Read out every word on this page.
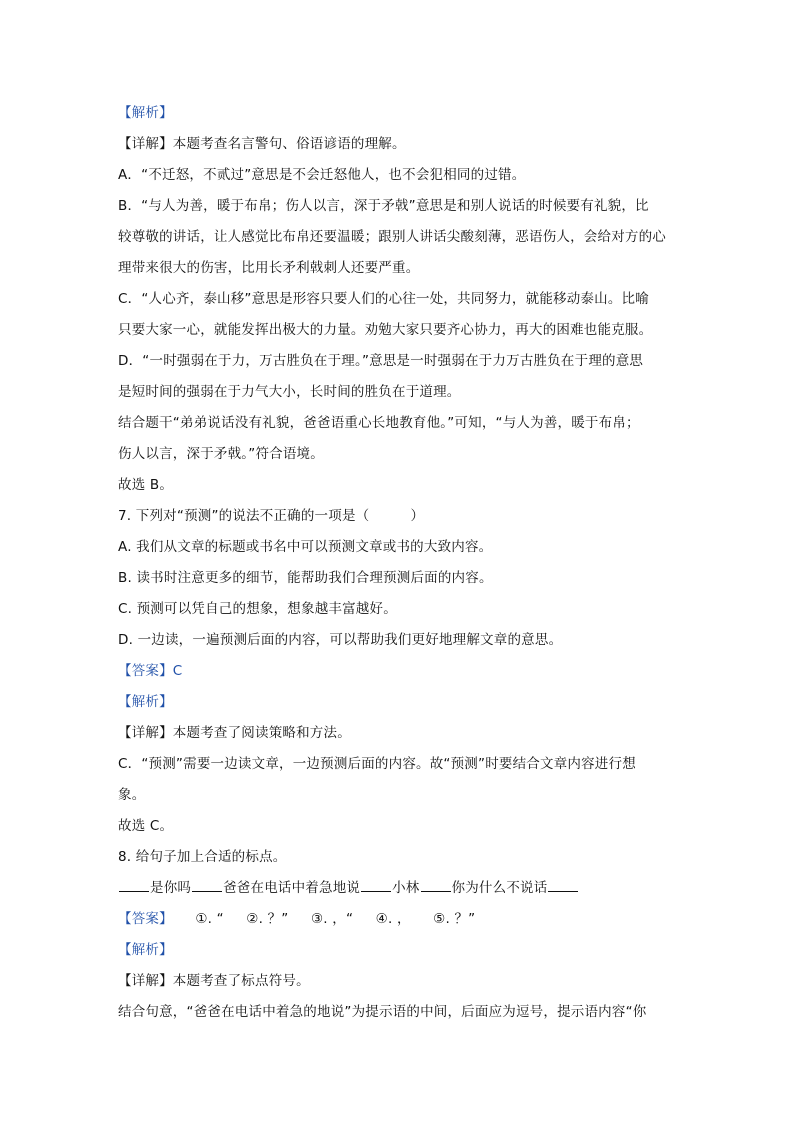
【解析】
【详解】本题考查名言警句、俗语谚语的理解。
A．“不迁怒，不贰过”意思是不会迁怒他人，也不会犯相同的过错。
B．“与人为善，暖于布帛；伤人以言，深于矛戟”意思是和别人说话的时候要有礼貌，比
较尊敬的讲话，让人感觉比布帛还要温暖；跟别人讲话尖酸刻薄，恶语伤人，会给对方的心
理带来很大的伤害，比用长矛利戟刺人还要严重。
C．“人心齐，泰山移”意思是形容只要人们的心往一处，共同努力，就能移动泰山。比喻
只要大家一心，就能发挥出极大的力量。劝勉大家只要齐心协力，再大的困难也能克服。
D．“一时强弱在于力，万古胜负在于理。”意思是一时强弱在于力万古胜负在于理的意思
是短时间的强弱在于力气大小，长时间的胜负在于道理。
结合题干“弟弟说话没有礼貌，爸爸语重心长地教育他。”可知，“与人为善，暖于布帛；
伤人以言，深于矛戟。”符合语境。
故选 B。
7. 下列对“预测”的说法不正确的一项是（　　　）
A. 我们从文章的标题或书名中可以预测文章或书的大致内容。
B. 读书时注意更多的细节，能帮助我们合理预测后面的内容。
C. 预测可以凭自己的想象，想象越丰富越好。
D. 一边读，一遍预测后面的内容，可以帮助我们更好地理解文章的意思。
【答案】C
【解析】
【详解】本题考查了阅读策略和方法。
C．“预测”需要一边读文章，一边预测后面的内容。故“预测”时要结合文章内容进行想
象。
故选 C。
8. 给句子加上合适的标点。
是你吗 爸爸在电话中着急地说 小林 你为什么不说话
【答案】 ①. “ ②. ？” ③. ，“ ④. ， ⑤. ？”
【解析】
【详解】本题考查了标点符号。
结合句意，“爸爸在电话中着急的地说”为提示语的中间，后面应为逗号，提示语内容“你
